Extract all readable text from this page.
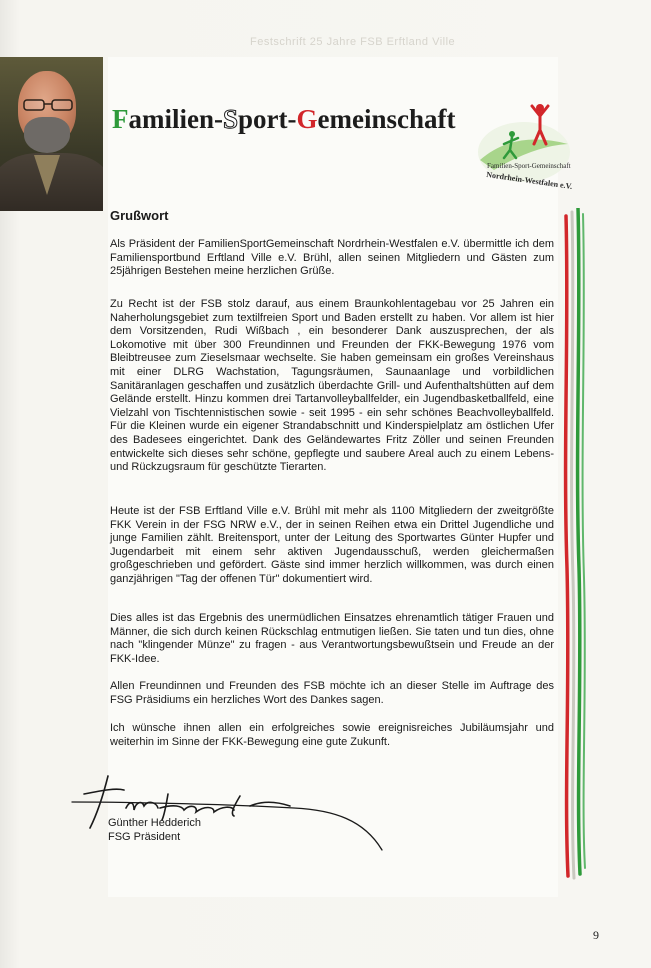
Festschrift 25 Jahre FSB Erftland Ville
Familien-Sport-Gemeinschaft
Familien-Sport-Gemeinschaft
Nordrhein-Westfalen e.V.
Grußwort
Als Präsident der FamilienSportGemeinschaft Nordrhein-Westfalen e.V. übermittle ich dem Familiensportbund Erftland Ville e.V. Brühl, allen seinen Mitgliedern und Gästen zum 25jährigen Bestehen meine herzlichen Grüße.
Zu Recht ist der FSB stolz darauf, aus einem Braunkohlentagebau vor 25 Jahren ein Naherholungsgebiet zum textilfreien Sport und Baden erstellt zu haben. Vor allem ist hier dem Vorsitzenden, Rudi Wißbach , ein besonderer Dank auszusprechen, der als Lokomotive mit über 300 Freundinnen und Freunden der FKK-Bewegung 1976 vom Bleibtreusee zum Zieselsmaar wechselte. Sie haben gemeinsam ein großes Vereinshaus mit einer DLRG Wachstation, Tagungsräumen, Saunaanlage und vorbildlichen Sanitäranlagen geschaffen und zusätzlich überdachte Grill- und Aufenthaltshütten auf dem Gelände erstellt. Hinzu kommen drei Tartanvolleyballfelder, ein Jugendbasketballfeld, eine Vielzahl von Tischtennistischen sowie - seit 1995 - ein sehr schönes Beachvolleyballfeld. Für die Kleinen wurde ein eigener Strandabschnitt und Kinderspielplatz am östlichen Ufer des Badesees eingerichtet. Dank des Geländewartes Fritz Zöller und seinen Freunden entwickelte sich dieses sehr schöne, gepflegte und saubere Areal auch zu einem Lebens- und Rückzugsraum für geschützte Tierarten.
Heute ist der FSB Erftland Ville e.V. Brühl mit mehr als 1100 Mitgliedern der zweitgrößte FKK Verein in der FSG NRW e.V., der in seinen Reihen etwa ein Drittel Jugendliche und junge Familien zählt. Breitensport, unter der Leitung des Sportwartes Günter Hupfer und Jugendarbeit mit einem sehr aktiven Jugendausschuß, werden gleichermaßen großgeschrieben und gefördert. Gäste sind immer herzlich willkommen, was durch einen ganzjährigen "Tag der offenen Tür" dokumentiert wird.
Dies alles ist das Ergebnis des unermüdlichen Einsatzes ehrenamtlich tätiger Frauen und Männer, die sich durch keinen Rückschlag entmutigen ließen. Sie taten und tun dies, ohne nach "klingender Münze" zu fragen - aus Verantwortungsbewußtsein und Freude an der FKK-Idee.
Allen Freundinnen und Freunden des FSB möchte ich an dieser Stelle im Auftrage des FSG Präsidiums ein herzliches Wort des Dankes sagen.
Ich wünsche ihnen allen ein erfolgreiches sowie ereignisreiches Jubiläumsjahr und weiterhin im Sinne der FKK-Bewegung eine gute Zukunft.
Günther Hedderich
FSG Präsident
9
